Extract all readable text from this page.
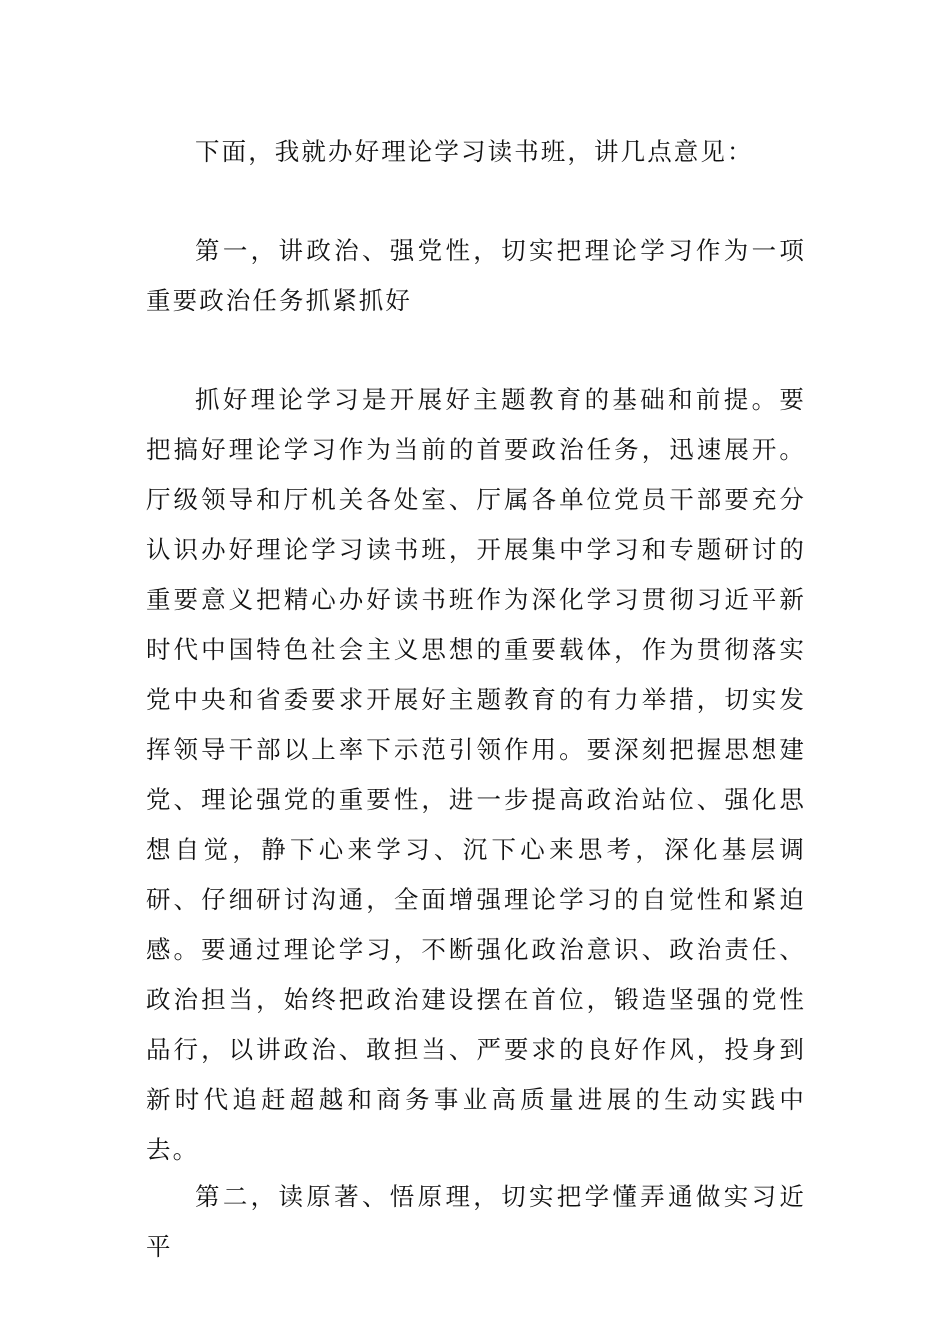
下面，我就办好理论学习读书班，讲几点意见：

第一，讲政治、强党性，切实把理论学习作为一项重要政治任务抓紧抓好

抓好理论学习是开展好主题教育的基础和前提。要把搞好理论学习作为当前的首要政治任务，迅速展开。厅级领导和厅机关各处室、厅属各单位党员干部要充分认识办好理论学习读书班，开展集中学习和专题研讨的重要意义把精心办好读书班作为深化学习贯彻习近平新时代中国特色社会主义思想的重要载体，作为贯彻落实党中央和省委要求开展好主题教育的有力举措，切实发挥领导干部以上率下示范引领作用。要深刻把握思想建党、理论强党的重要性，进一步提高政治站位、强化思想自觉，静下心来学习、沉下心来思考，深化基层调研、仔细研讨沟通，全面增强理论学习的自觉性和紧迫感。要通过理论学习，不断强化政治意识、政治责任、政治担当，始终把政治建设摆在首位，锻造坚强的党性品行，以讲政治、敢担当、严要求的良好作风，投身到新时代追赶超越和商务事业高质量进展的生动实践中去。

第二，读原著、悟原理，切实把学懂弄通做实习近平
